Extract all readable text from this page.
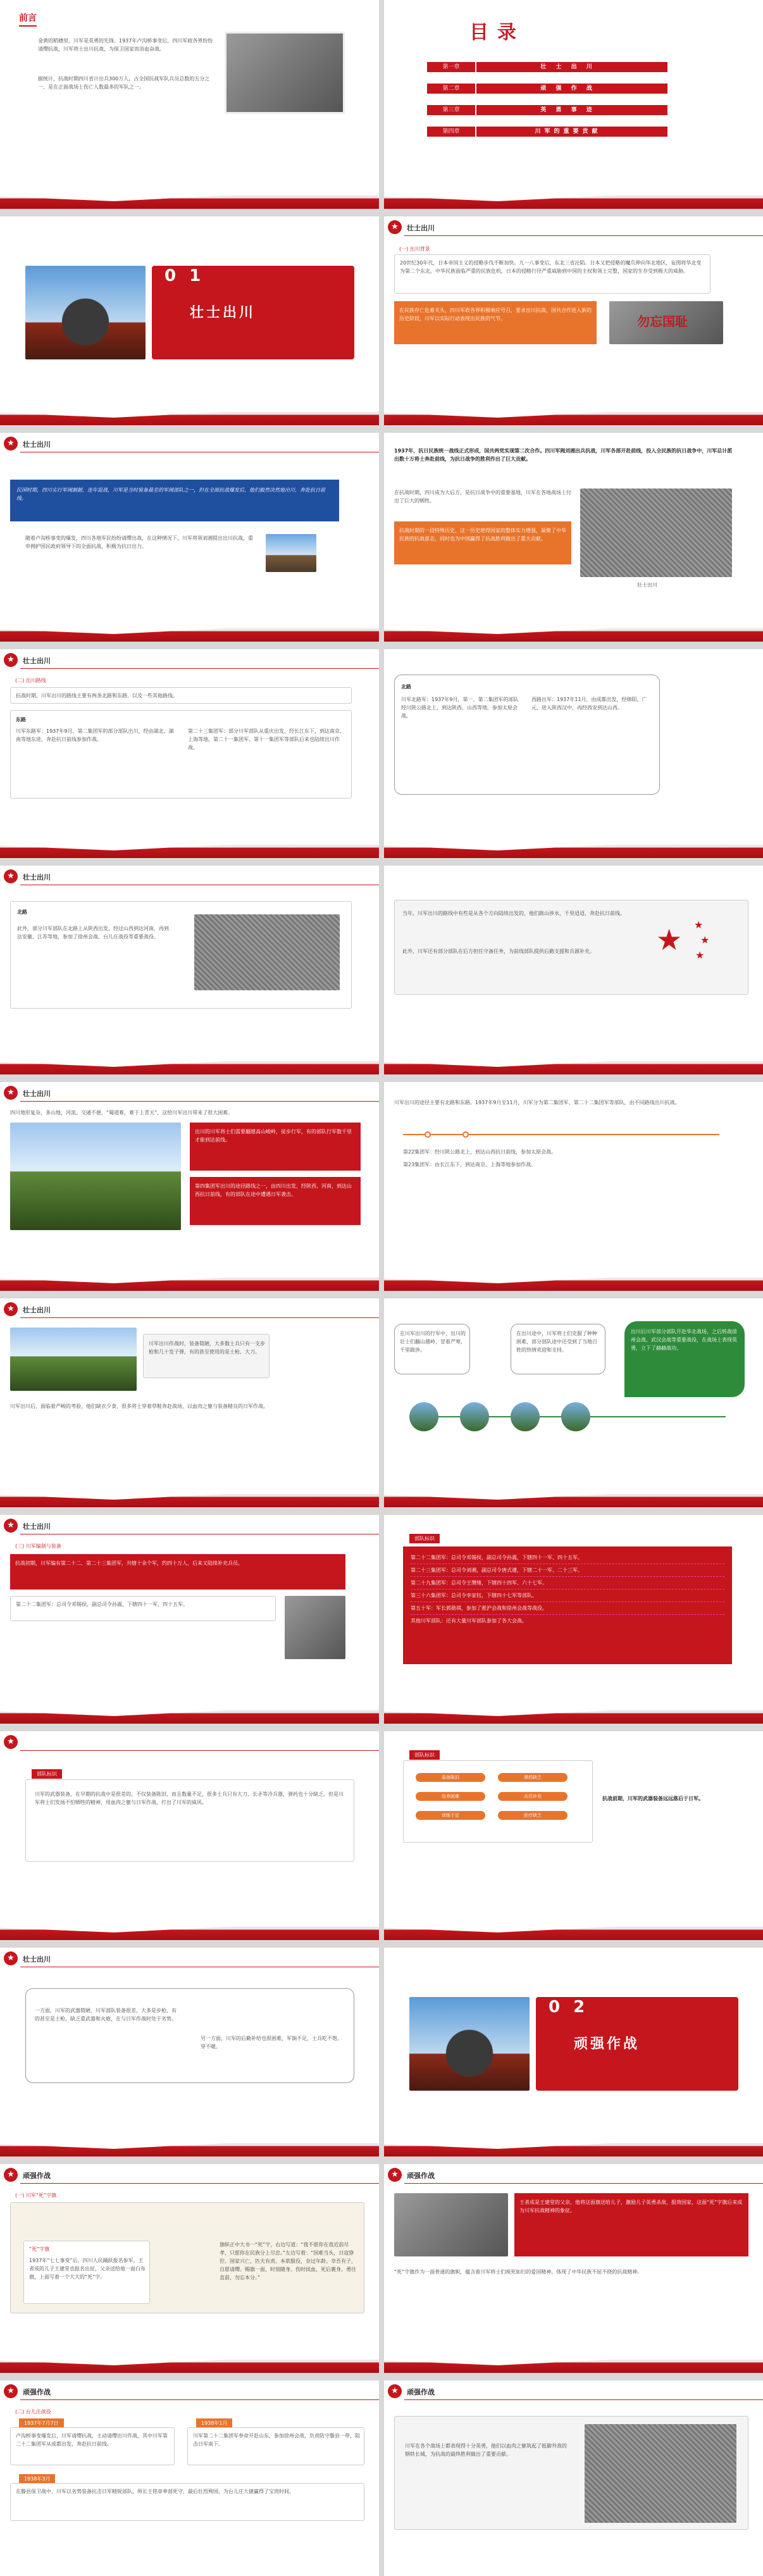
前言
金黄的稻穗里，川军是英勇的先锋。1937年卢沟桥事变后，四川军政各界纷纷请缨抗战，川军将士出川抗战，为保卫国家而浴血奋战。
据统计，抗战时期四川省计出兵300万人，占全国抗战军队兵员总数的五分之一，是在正面战场上伤亡人数最多的军队之一。
目录
第一章	壮 士 出 川
第二章	顽 强 作 战
第三章	英 勇 事 迹
第四章	川军的重要贡献
0 1
壮士出川
★	壮士出川
(一) 出川背景
20世纪30年代，日本帝国主义的侵略步伐不断加快。九一八事变后，东北三省沦陷。日本又把侵略的魔爪伸向华北地区，妄图将华北变为第二个东北。中华民族面临严重的民族危机，日本的侵略行径严重威胁到中国的主权和领土完整，国家的生存受到极大的威胁。
在民族存亡危难关头，四川军政各界积极响应号召，要求出川抗战，国共合作进入新的历史阶段，川军以实际行动表现出民族的气节。	勿忘国耻
★	壮士出川
民国时期，四川实行军阀割据，连年混战，川军是当时装备最差的军阀部队之一，但在全面抗战爆发后，他们毅然决然地出川，奔赴抗日前线。
随着卢沟桥事变的爆发，四川各地军民纷纷请缨出战，在这种情况下，川军将领刘湘提出出川抗战，重申拥护国民政府领导下的全面抗战，积极为抗日出力。
1937年，抗日民族统一战线正式形成，国共两党实现第二次合作。四川军阀刘湘出兵抗战，川军各部开赴前线，投入全民族的抗日战争中，川军总计派出数十万将士奔赴前线，为抗日战争的胜利作出了巨大贡献。
在抗战时期，四川成为大后方，是抗日战争中的重要基地，川军在各地战场上付出了巨大的牺牲。
抗战时期的一段特殊历史，这一历史使得国家的整体实力增强，凝聚了中华民族的抗战意志，同时也为中国赢得了抗战胜利做出了重大贡献。
壮士出川
★	壮士出川
(二) 出川路线
抗战时期，川军出川的路线主要有两条北路和东路，以及一些其他路线。
东路
川军东路军：1937年9月，第二集团军的部分部队出川，经由湖北、湖南等地东进，奔赴抗日前线参加作战。
第二十三集团军：部分川军部队从重庆出发，经长江东下，到达南京、上海等地。第二十一集团军、第十一集团军等部队后来也陆续出川作战。
北路
川军北路军：1937年9月，第一、第二集团军的部队经川陕公路北上，到达陕西、山西等地，参加太原会战。
西路出军：1937年11月，由成都出发，经绵阳、广元，进入陕西汉中，再经西安到达山西。
★	壮士出川
北路
此外，部分川军部队在北路上从陕西出发，经过山西到达河南，再到达安徽、江苏等地，参加了徐州会战、台儿庄战役等重要战役。
当年，川军出川的路线中有些是从各个方向陆续出发的，他们跋山涉水，千里迢迢，奔赴抗日前线。
此外，川军还有部分部队在后方担任守备任务，为前线部队提供后勤支援和兵源补充。	★ ★
★
★
★	壮士出川
四川地形复杂，多山地，河流、交通不便，“蜀道难，难于上青天”，这给川军出川带来了很大困难。
出川的川军将士们需要翻越高山峻岭，徒步行军，有的部队行军数千里才能到达前线。
第四集团军出川的途径路线之一，由四川出发，经陕西、河南，到达山西抗日前线，有的部队在途中遭遇日军袭击。
川军出川的途径主要有北路和东路。1937年9月至11月，川军分为第二集团军、第二十二集团军等部队，由不同路线出川抗战。
第22集团军：经川陕公路北上，到达山西抗日前线，参加太原会战。
第23集团军：由长江东下，到达南京、上海等地参加作战。
★	壮士出川
川军出川作战时，装备简陋，大多数士兵只有一支步枪和几十发子弹，有的甚至使用的是土枪、大刀。
川军出川后，面临着严峻的考验，他们缺衣少食，很多将士穿着草鞋奔赴战场，以血肉之躯与装备精良的日军作战。
在川军出川的行军中，出川的壮士们翻山越岭，冒着严寒，千里跋涉。
在出川途中，川军将士们克服了种种困难，部分部队途中还受到了当地百姓的热情欢迎和支持。
出川后川军部分部队开赴华北战场，之后转战徐州会战、武汉会战等重要战役，在战场上表现英勇，立下了赫赫战功。
★	壮士出川
(三) 川军编制与装备
抗战初期，川军编有第二十二、第二十三集团军，共辖十余个军，约四十万人，后来又陆续补充兵员。
第二十二集团军：总司令邓锡侯，副总司令孙震，下辖四十一军、四十五军。
部队标识
第二十二集团军：总司令邓锡侯，副总司令孙震，下辖四十一军、四十五军。
第二十三集团军：总司令刘湘，副总司令唐式遵，下辖二十一军、二十三军。
第二十九集团军：总司令王缵绪，下辖四十四军、六十七军。
第三十六集团军：总司令李家钰，下辖四十七军等部队。
第五十军：军长郭勋祺，参加了淞沪会战和徐州会战等战役。
其他川军部队：还有大量川军部队参加了各大会战。
★
部队标识
川军的武器装备，在早期的抗战中是很差的，不仅装备陈旧，而且数量不足，很多士兵只有大刀、长矛等冷兵器，弹药也十分缺乏。但是川军将士们发扬不怕牺牲的精神，用血肉之躯与日军作战，打出了川军的威风。
部队标识
装备陈旧	弹药缺乏
给养困难	兵员补充
训练不足	医疗缺乏
抗战前期，川军的武器装备远远落后于日军。
★	壮士出川
一方面，川军的武器简陋，川军部队装备很差，大多是步枪，有的甚至是土枪，缺乏重武器和火炮，在与日军作战时处于劣势。
另一方面，川军的后勤补给也很困难，军饷不足，士兵吃不饱、穿不暖。
0 2
顽强作战
★	顽强作战
(一) 川军“死”字旗
“死”字旗
1937年“七七事变”后，四川人民踊跃报名参军，王者成的儿子王建堂也报名出征，父亲送给他一面白布旗，上面写着一个大大的“死”字。
旗帜正中大书一“死”字，右边写道：“我不愿你在我近前尽孝，只愿你在民族分上尽忠。”左边写着：“国难当头，日寇狰狞。国家兴亡，匹夫有责。本欲服役，奈过年龄。幸吾有子，自愿请缨。赐旗一面，时刻随身。伤时拭血，死后裹身。勇往直前，勿忘本分。”
★	顽强作战
王者成是王建堂的父亲，他将这面旗送给儿子，激励儿子英勇杀敌，报效国家，这面“死”字旗后来成为川军抗战精神的象征。
“死”字旗作为一面普通的旗帜，蕴含着川军将士们视死如归的爱国精神，体现了中华民族不屈不挠的抗战精神。
★	顽强作战
(二) 台儿庄战役
1937年7月7日
卢沟桥事变爆发后，川军请缨抗战，主动请缨出川作战，其中川军第二十二集团军从成都出发，奔赴抗日前线。
1938年1月
川军第二十二集团军奉命开赴山东，参加徐州会战，负责防守滕县一带，阻击日军南下。
1938年3月
在滕县保卫战中，川军以劣势装备抗击日军精锐部队，师长王铭章率部死守，最后壮烈殉国，为台儿庄大捷赢得了宝贵时间。
★	顽强作战
川军在各个战场上都表现得十分英勇，他们以血肉之躯筑起了抵御外敌的钢铁长城，为抗战的最终胜利做出了重要贡献。
